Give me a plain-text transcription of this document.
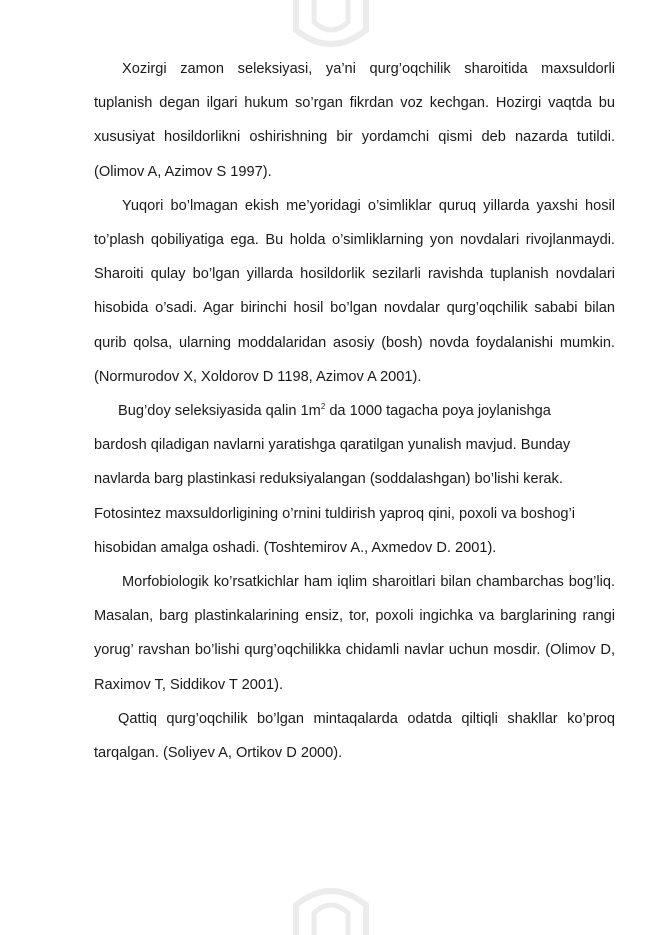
Xozirgi zamon seleksiyasi, ya’ni qurg’oqchilik sharoitida maxsuldorli tuplanish degan ilgari hukum so’rgan fikrdan voz kechgan. Hozirgi vaqtda bu xususiyat hosildorlikni oshirishning bir yordamchi qismi deb nazarda tutildi. (Olimov A, Azimov S 1997).

Yuqori bo’lmagan ekish me’yoridagi o’simliklar quruq yillarda yaxshi hosil to’plash qobiliyatiga ega. Bu holda o’simliklarning yon novdalari rivojlanmaydi. Sharoiti qulay bo’lgan yillarda hosildorlik sezilarli ravishda tuplanish novdalari hisobida o’sadi. Agar birinchi hosil bo’lgan novdalar qurg’oqchilik sababi bilan qurib qolsa, ularning moddalaridan asosiy (bosh) novda foydalanishi mumkin. (Normurodov X, Xoldorov D 1198, Azimov A 2001).

Bug’doy seleksiyasida qalin $1m^2$ da 1000 tagacha poya joylanishga bardosh qiladigan navlarni yaratishga qaratilgan yunalish mavjud. Bunday navlarda barg plastinkasi reduksiyalangan (soddalashgan) bo’lishi kerak. Fotosintez maxsuldorligining o’rnini tuldirish yaproq qini, poxoli va boshog’i hisobidan amalga oshadi. (Toshtemirov A., Axmedov D. 2001).

Morfobiologik ko’rsatkichlar ham iqlim sharoitlari bilan chambarchas bog’liq. Masalan, barg plastinkalarining ensiz, tor, poxoli ingichka va barglarining rangi yorug’ ravshan bo’lishi qurg’oqchilikka chidamli navlar uchun mosdir. (Olimov D, Raximov T, Siddikov T 2001).

Qattiq qurg’oqchilik bo’lgan mintaqalarda odatda qiltiqli shakllar ko’proq tarqalgan. (Soliyev A, Ortikov D 2000).
